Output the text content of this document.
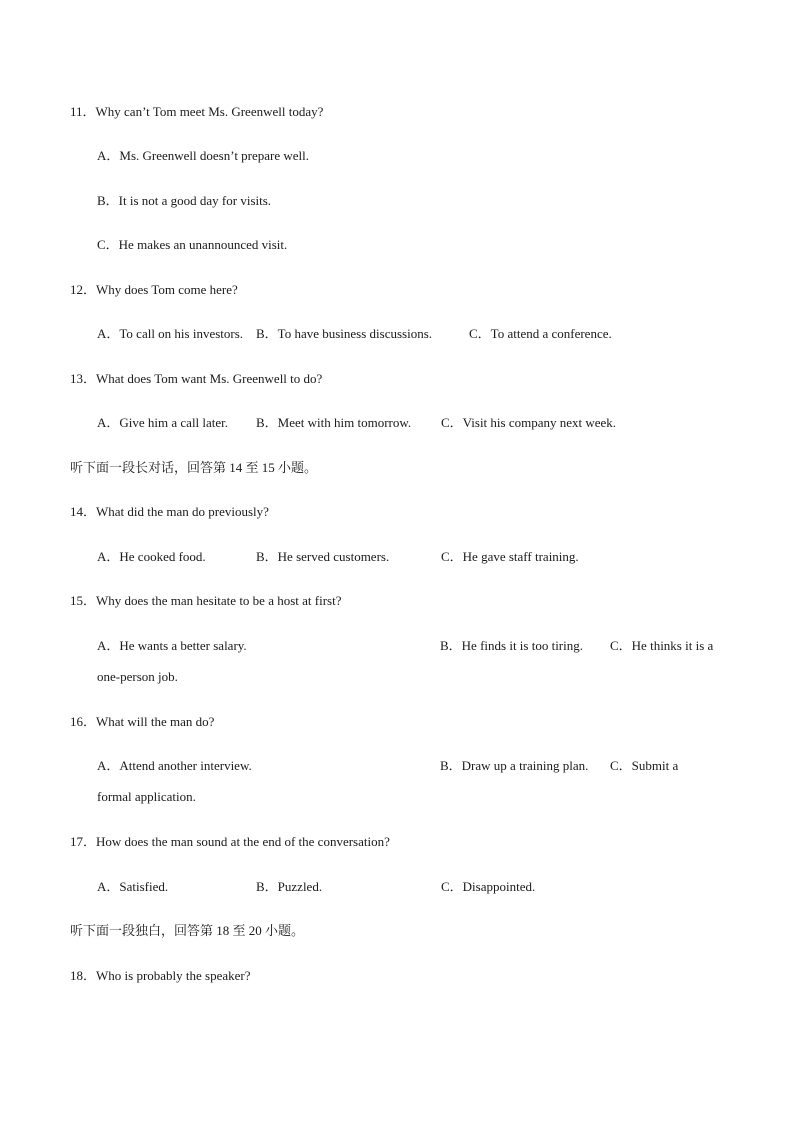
11．Why can’t Tom meet Ms. Greenwell today?
A．Ms. Greenwell doesn’t prepare well.
B．It is not a good day for visits.
C．He makes an unannounced visit.
12．Why does Tom come here?
A．To call on his investors. B．To have business discussions.	C．To attend a conference.
13．What does Tom want Ms. Greenwell to do?
A．Give him a call later. B．Meet with him tomorrow. C．Visit his company next week.
听下面一段长对话，回答第 14 至 15 小题。
14．What did the man do previously?
A．He cooked food.	B．He served customers.	C．He gave staff training.
15．Why does the man hesitate to be a host at first?
A．He wants a better salary.	B．He finds it is too tiring. C．He thinks it is a
one-person job.
16．What will the man do?
A．Attend another interview.	B．Draw up a training plan. C．Submit a
formal application.
17．How does the man sound at the end of the conversation?
A．Satisfied.	B．Puzzled.	C．Disappointed.
听下面一段独白，回答第 18 至 20 小题。
18．Who is probably the speaker?
